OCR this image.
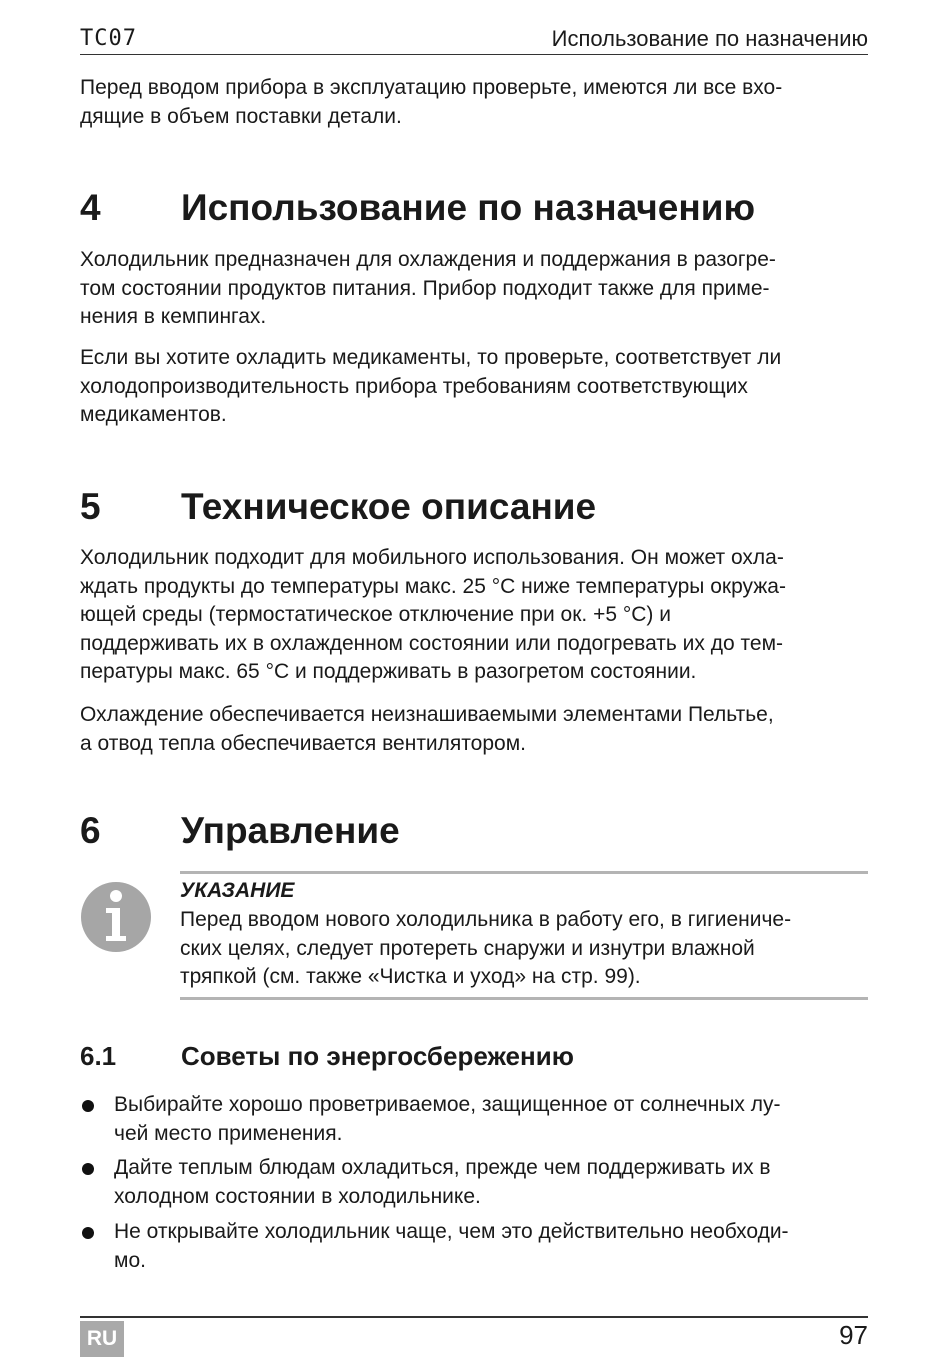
TC07	Использование по назначению

Перед вводом прибора в эксплуатацию проверьте, имеются ли все вхо-
дящие в объем поставки детали.

4 Использование по назначению

Холодильник предназначен для охлаждения и поддержания в разогре-
том состоянии продуктов питания. Прибор подходит также для приме-
нения в кемпингах.

Если вы хотите охладить медикаменты, то проверьте, соответствует ли
холодопроизводительность прибора требованиям соответствующих
медикаментов.

5 Техническое описание

Холодильник подходит для мобильного использования. Он может охла-
ждать продукты до температуры макс. 25 °C ниже температуры окружа-
ющей среды (термостатическое отключение при ок. +5 °C) и
поддерживать их в охлажденном состоянии или подогревать их до тем-
пературы макс. 65 °C и поддерживать в разогретом состоянии.

Охлаждение обеспечивается неизнашиваемыми элементами Пельтье,
а отвод тепла обеспечивается вентилятором.

6 Управление

УКАЗАНИЕ

Перед вводом нового холодильника в работу его, в гигиениче-
ских целях, следует протереть снаружи и изнутри влажной
тряпкой (см. также «Чистка и уход» на стр. 99).

6.1 Советы по энергосбережению

Выбирайте хорошо проветриваемое, защищенное от солнечных лу-
чей место применения.

Дайте теплым блюдам охладиться, прежде чем поддерживать их в
холодном состоянии в холодильнике.

Не открывайте холодильник чаще, чем это действительно необходи-
мо.

RU	97
